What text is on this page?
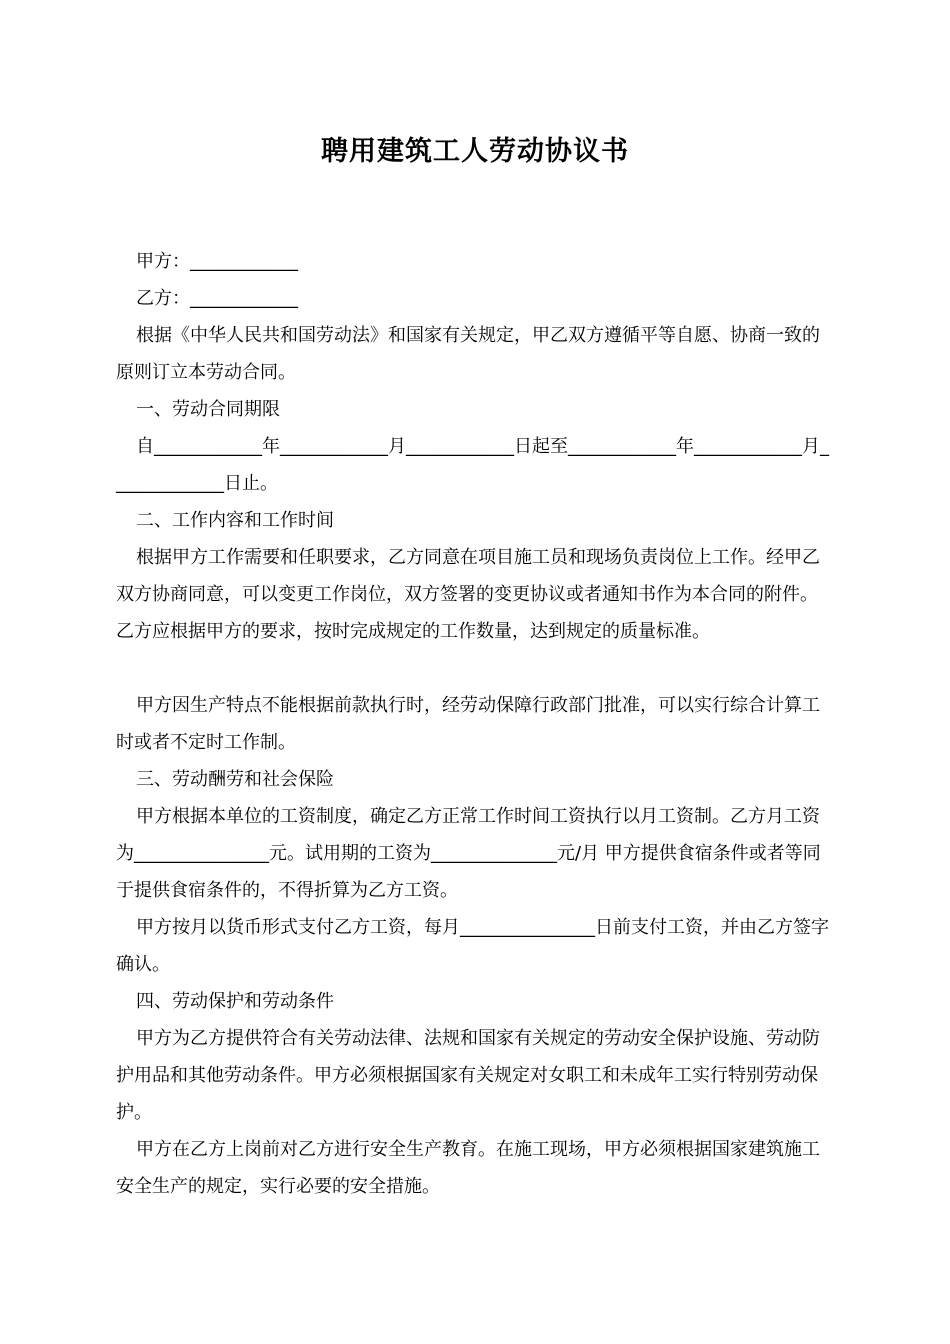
聘用建筑工人劳动协议书

甲方：____________

乙方：____________

根据《中华人民共和国劳动法》和国家有关规定，甲乙双方遵循平等自愿、协商一致的原则订立本劳动合同。

一、劳动合同期限

自____________年____________月____________日起至____________年____________月_____________日止。

二、工作内容和工作时间

根据甲方工作需要和任职要求，乙方同意在项目施工员和现场负责岗位上工作。经甲乙双方协商同意，可以变更工作岗位，双方签署的变更协议或者通知书作为本合同的附件。 乙方应根据甲方的要求，按时完成规定的工作数量，达到规定的质量标准。

甲方因生产特点不能根据前款执行时，经劳动保障行政部门批准，可以实行综合计算工时或者不定时工作制。

三、劳动酬劳和社会保险

甲方根据本单位的工资制度，确定乙方正常工作时间工资执行以月工资制。乙方月工资为_______________元。试用期的工资为______________元/月 甲方提供食宿条件或者等同于提供食宿条件的，不得折算为乙方工资。

甲方按月以货币形式支付乙方工资，每月_______________日前支付工资，并由乙方签字确认。

四、劳动保护和劳动条件

甲方为乙方提供符合有关劳动法律、法规和国家有关规定的劳动安全保护设施、劳动防护用品和其他劳动条件。甲方必须根据国家有关规定对女职工和未成年工实行特别劳动保护。

甲方在乙方上岗前对乙方进行安全生产教育。在施工现场，甲方必须根据国家建筑施工安全生产的规定，实行必要的安全措施。
